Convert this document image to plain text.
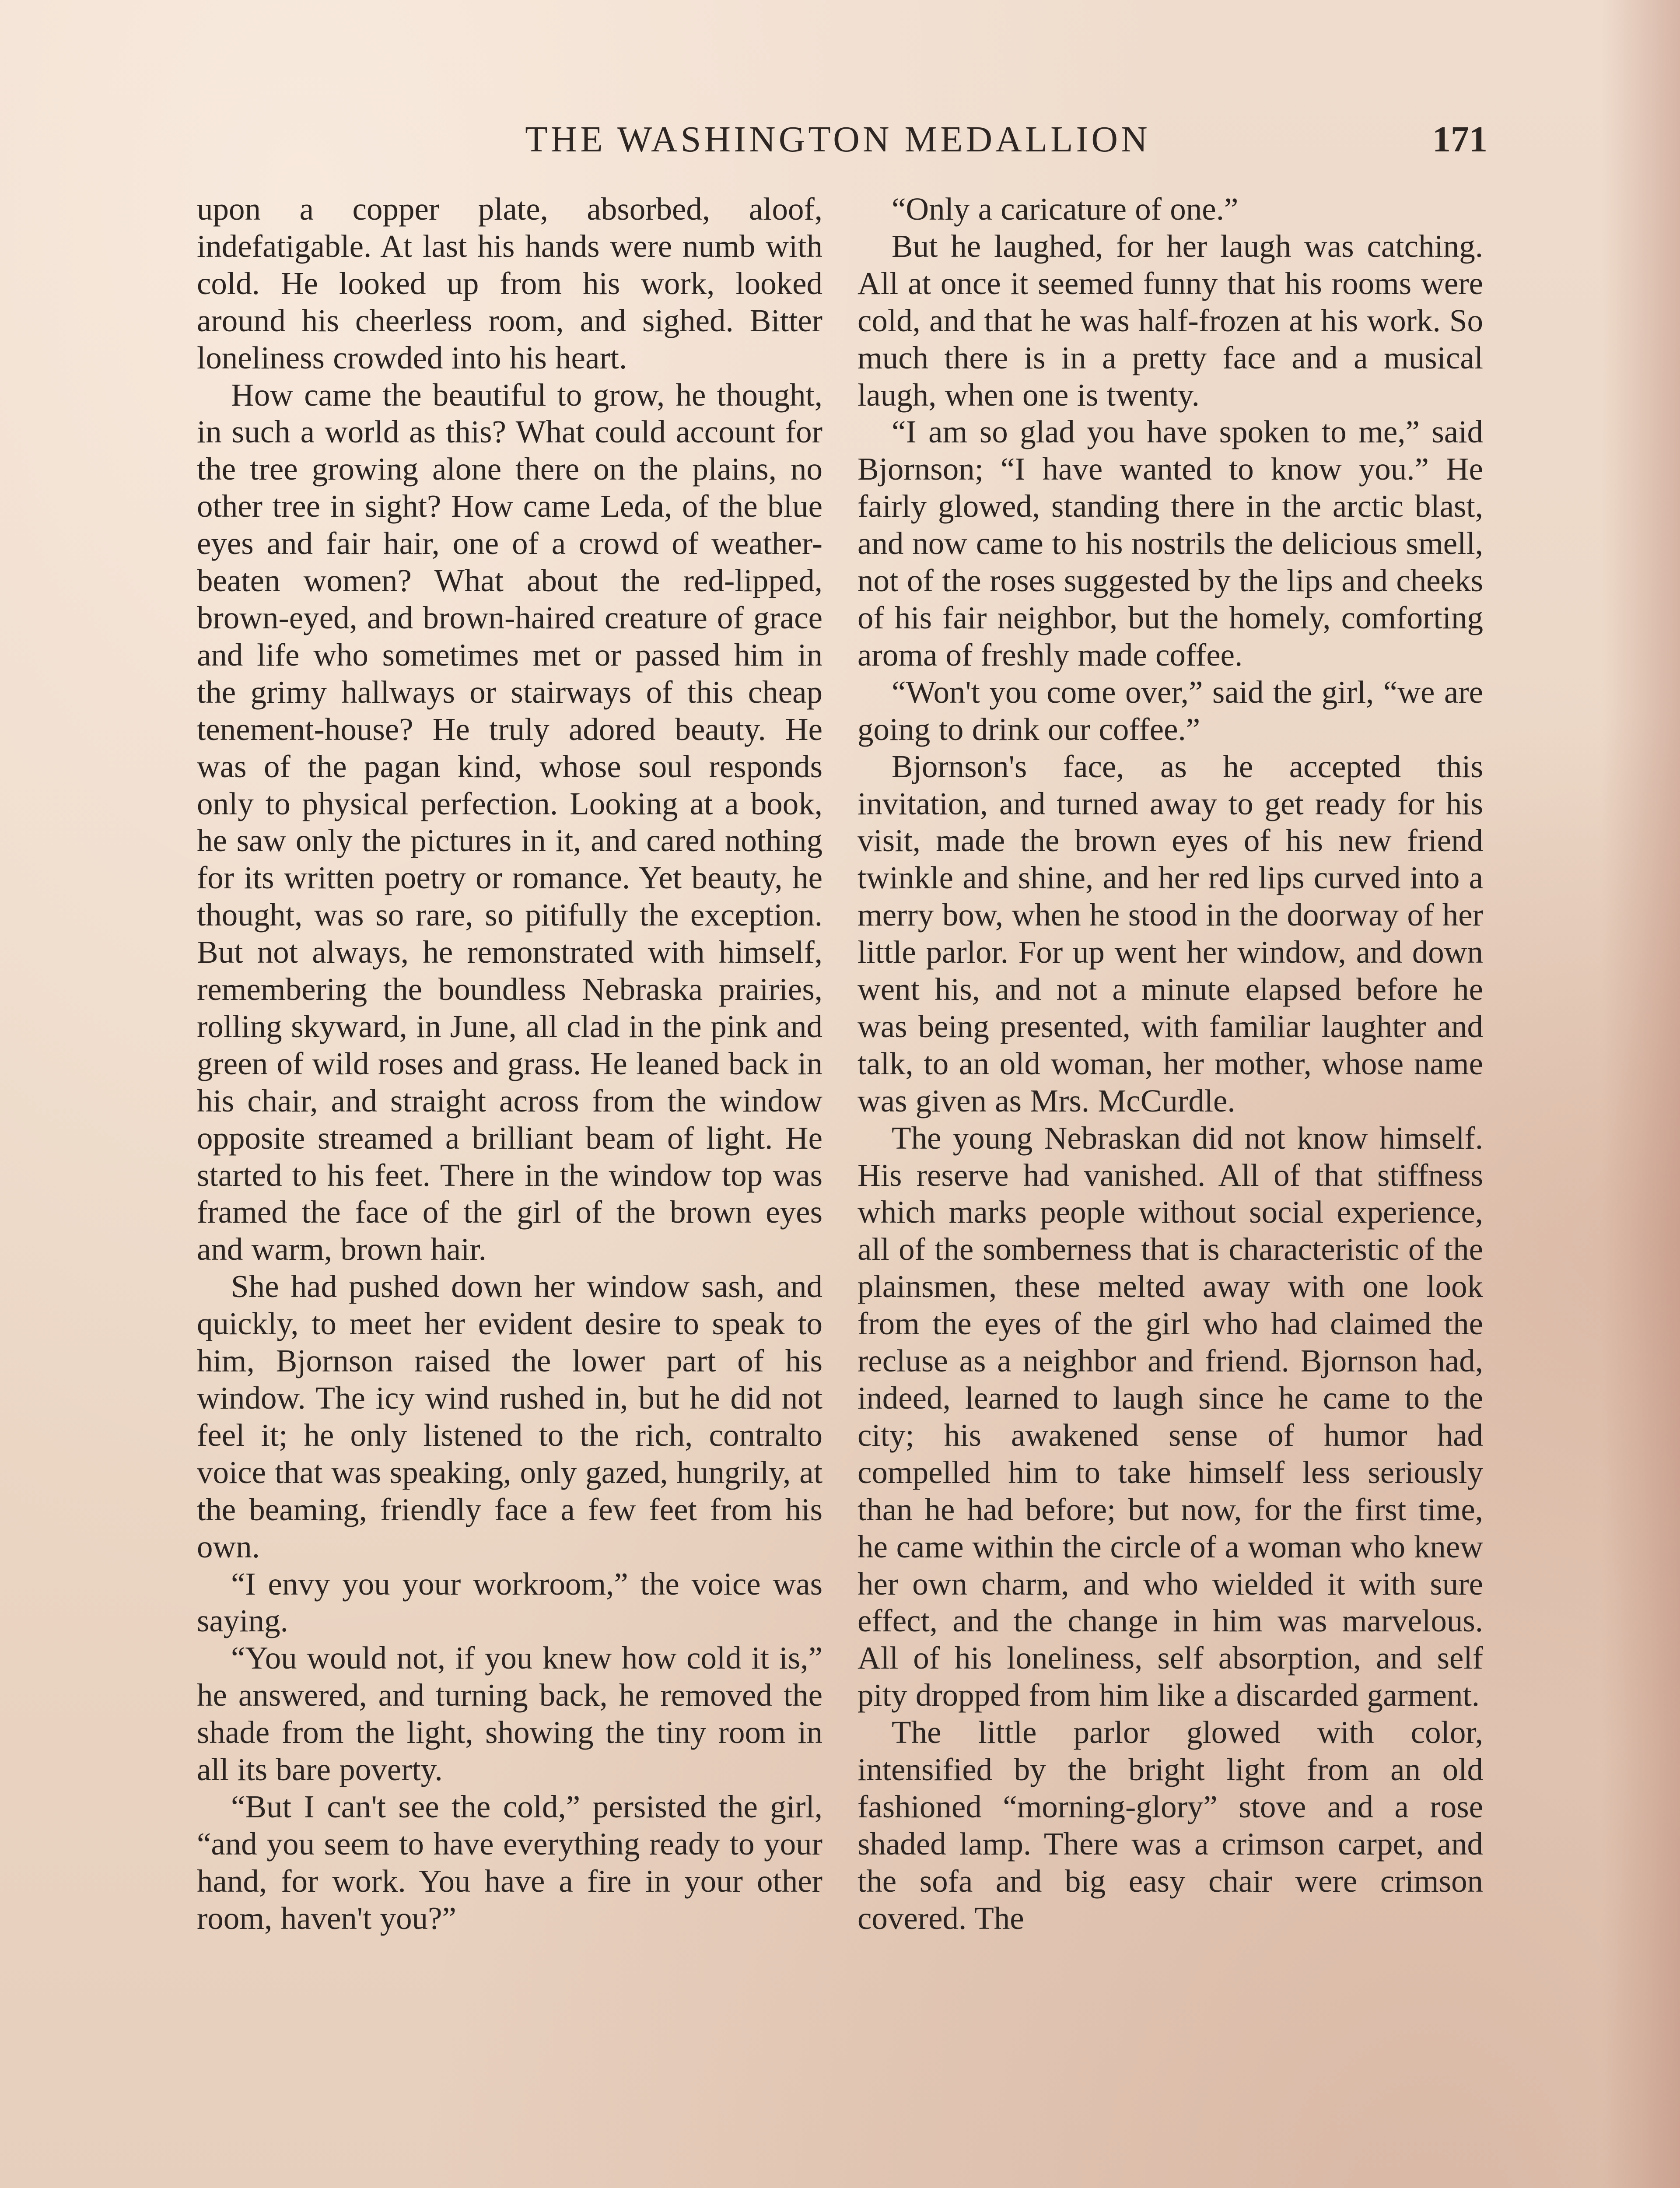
THE WASHINGTON MEDALLION	171

upon a copper plate, absorbed, aloof, indefatigable. At last his hands were numb with cold. He looked up from his work, looked around his cheerless room, and sighed. Bitter loneliness crowded into his heart.

How came the beautiful to grow, he thought, in such a world as this? What could account for the tree growing alone there on the plains, no other tree in sight? How came Leda, of the blue eyes and fair hair, one of a crowd of weather-beaten women? What about the red-lipped, brown-eyed, and brown-haired creature of grace and life who sometimes met or passed him in the grimy hallways or stairways of this cheap tenement-house? He truly adored beauty. He was of the pagan kind, whose soul responds only to physical perfection. Looking at a book, he saw only the pictures in it, and cared nothing for its written poetry or romance. Yet beauty, he thought, was so rare, so pitifully the exception. But not always, he remonstrated with himself, remembering the boundless Nebraska prairies, rolling skyward, in June, all clad in the pink and green of wild roses and grass. He leaned back in his chair, and straight across from the window opposite streamed a brilliant beam of light. He started to his feet. There in the window top was framed the face of the girl of the brown eyes and warm, brown hair.

She had pushed down her window sash, and quickly, to meet her evident desire to speak to him, Bjornson raised the lower part of his window. The icy wind rushed in, but he did not feel it; he only listened to the rich, contralto voice that was speaking, only gazed, hungrily, at the beaming, friendly face a few feet from his own.

“I envy you your workroom,” the voice was saying.

“You would not, if you knew how cold it is,” he answered, and turning back, he removed the shade from the light, showing the tiny room in all its bare poverty.

“But I can't see the cold,” persisted the girl, “and you seem to have everything ready to your hand, for work. You have a fire in your other room, haven't you?”

“Only a caricature of one.”

But he laughed, for her laugh was catching. All at once it seemed funny that his rooms were cold, and that he was half-frozen at his work. So much there is in a pretty face and a musical laugh, when one is twenty.

“I am so glad you have spoken to me,” said Bjornson; “I have wanted to know you.” He fairly glowed, standing there in the arctic blast, and now came to his nostrils the delicious smell, not of the roses suggested by the lips and cheeks of his fair neighbor, but the homely, comforting aroma of freshly made coffee.

“Won't you come over,” said the girl, “we are going to drink our coffee.”

Bjornson's face, as he accepted this invitation, and turned away to get ready for his visit, made the brown eyes of his new friend twinkle and shine, and her red lips curved into a merry bow, when he stood in the doorway of her little parlor. For up went her window, and down went his, and not a minute elapsed before he was being presented, with familiar laughter and talk, to an old woman, her mother, whose name was given as Mrs. McCurdle.

The young Nebraskan did not know himself. His reserve had vanished. All of that stiffness which marks people without social experience, all of the somberness that is characteristic of the plainsmen, these melted away with one look from the eyes of the girl who had claimed the recluse as a neighbor and friend. Bjornson had, indeed, learned to laugh since he came to the city; his awakened sense of humor had compelled him to take himself less seriously than he had before; but now, for the first time, he came within the circle of a woman who knew her own charm, and who wielded it with sure effect, and the change in him was marvelous. All of his loneliness, self absorption, and self pity dropped from him like a discarded garment.

The little parlor glowed with color, intensified by the bright light from an old fashioned “morning-glory” stove and a rose shaded lamp. There was a crimson carpet, and the sofa and big easy chair were crimson covered. The
